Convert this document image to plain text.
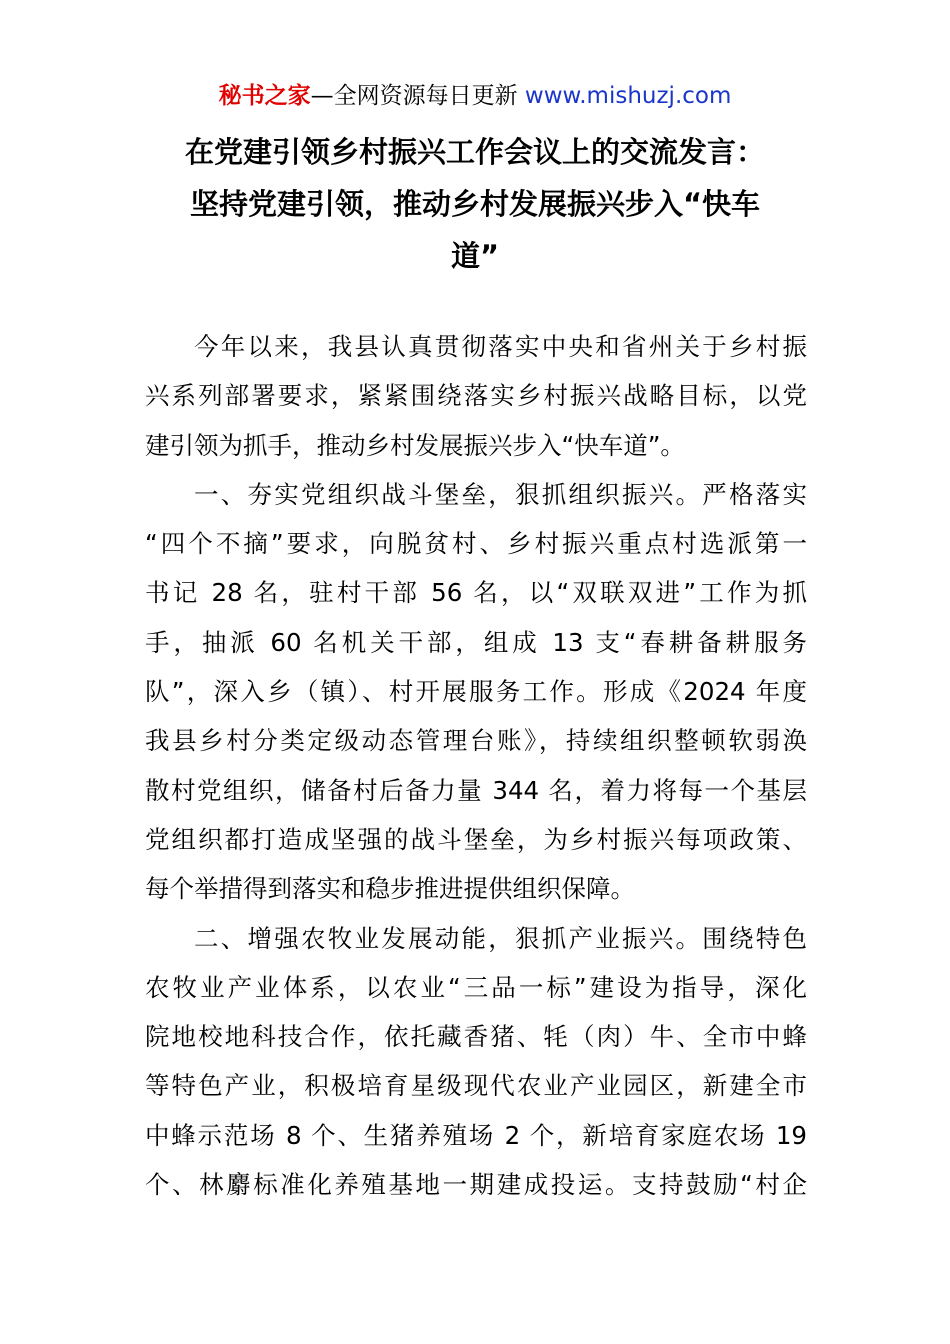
秘书之家—全网资源每日更新 www.mishuzj.com
在党建引领乡村振兴工作会议上的交流发言：
坚持党建引领，推动乡村发展振兴步入“快车
道”
今年以来，我县认真贯彻落实中央和省州关于乡村振
兴系列部署要求，紧紧围绕落实乡村振兴战略目标，以党
建引领为抓手，推动乡村发展振兴步入“快车道”。
一、夯实党组织战斗堡垒，狠抓组织振兴。严格落实
“四个不摘”要求，向脱贫村、乡村振兴重点村选派第一
书记 28 名，驻村干部 56 名，以“双联双进”工作为抓
手，抽派 60 名机关干部，组成 13 支“春耕备耕服务
队”，深入乡（镇）、村开展服务工作。形成《2024 年度
我县乡村分类定级动态管理台账》，持续组织整顿软弱涣
散村党组织，储备村后备力量 344 名，着力将每一个基层
党组织都打造成坚强的战斗堡垒，为乡村振兴每项政策、
每个举措得到落实和稳步推进提供组织保障。
二、增强农牧业发展动能，狠抓产业振兴。围绕特色
农牧业产业体系，以农业“三品一标”建设为指导，深化
院地校地科技合作，依托藏香猪、牦（肉）牛、全市中蜂
等特色产业，积极培育星级现代农业产业园区，新建全市
中蜂示范场 8 个、生猪养殖场 2 个，新培育家庭农场 19
个、林麝标准化养殖基地一期建成投运。支持鼓励“村企
